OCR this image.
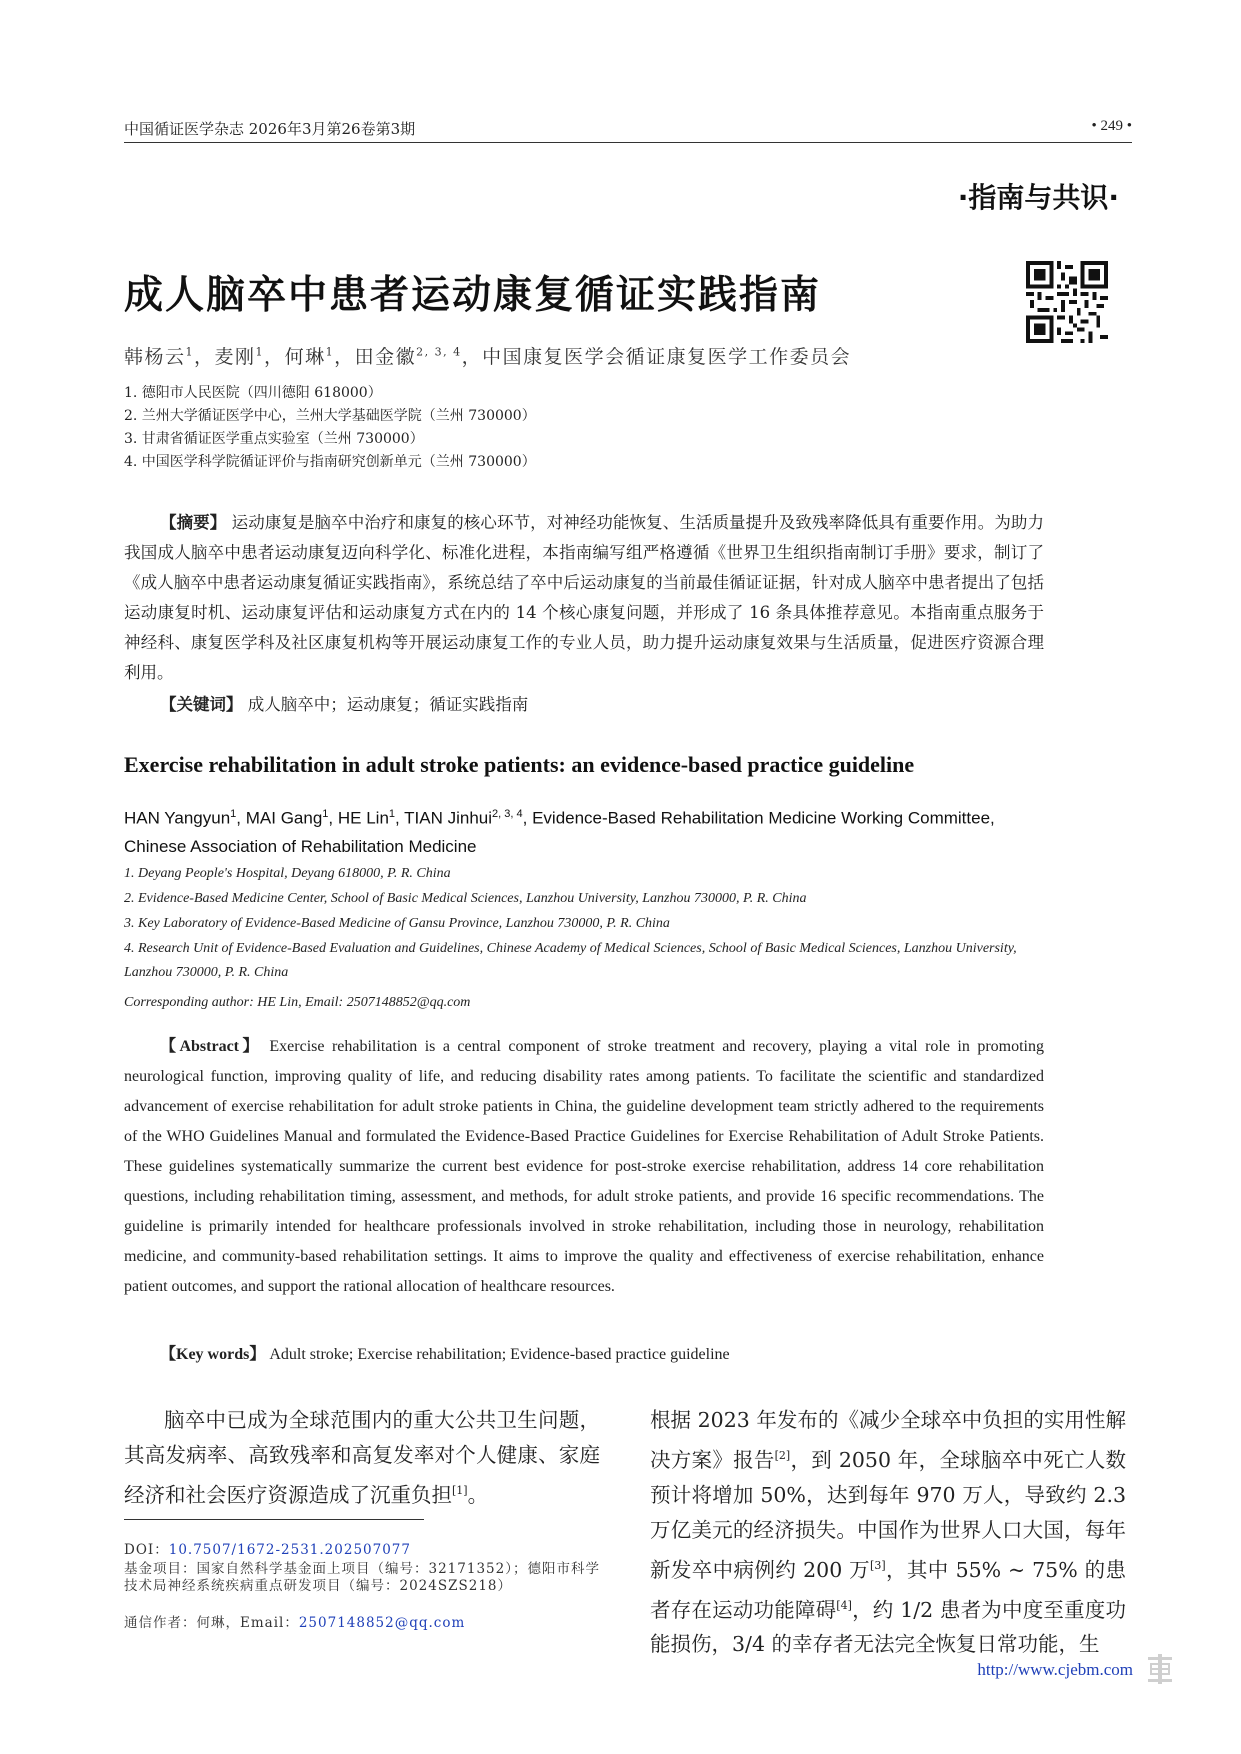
中国循证医学杂志 2026年3月第26卷第3期	• 249 •
·指南与共识·
成人脑卒中患者运动康复循证实践指南
韩杨云$^1$，麦刚$^1$，何琳$^1$，田金徽$^{2, 3, 4}$，中国康复医学会循证康复医学工作委员会
1. 德阳市人民医院（四川德阳 618000）
2. 兰州大学循证医学中心，兰州大学基础医学院（兰州 730000）
3. 甘肃省循证医学重点实验室（兰州 730000）
4. 中国医学科学院循证评价与指南研究创新单元（兰州 730000）

【摘要】 运动康复是脑卒中治疗和康复的核心环节，对神经功能恢复、生活质量提升及致残率降低具有重要作用。为助力我国成人脑卒中患者运动康复迈向科学化、标准化进程，本指南编写组严格遵循《世界卫生组织指南制订手册》要求，制订了《成人脑卒中患者运动康复循证实践指南》，系统总结了卒中后运动康复的当前最佳循证证据，针对成人脑卒中患者提出了包括运动康复时机、运动康复评估和运动康复方式在内的 14 个核心康复问题，并形成了 16 条具体推荐意见。本指南重点服务于神经科、康复医学科及社区康复机构等开展运动康复工作的专业人员，助力提升运动康复效果与生活质量，促进医疗资源合理利用。

【关键词】 成人脑卒中；运动康复；循证实践指南
Exercise rehabilitation in adult stroke patients: an evidence-based practice guideline
HAN Yangyun$^1$, MAI Gang$^1$, HE Lin$^1$, TIAN Jinhui$^{2, 3, 4}$, Evidence-Based Rehabilitation Medicine Working Committee, Chinese Association of Rehabilitation Medicine
1. Deyang People's Hospital, Deyang 618000, P. R. China
2. Evidence-Based Medicine Center, School of Basic Medical Sciences, Lanzhou University, Lanzhou 730000, P. R. China
3. Key Laboratory of Evidence-Based Medicine of Gansu Province, Lanzhou 730000, P. R. China
4. Research Unit of Evidence-Based Evaluation and Guidelines, Chinese Academy of Medical Sciences, School of Basic Medical Sciences, Lanzhou University, Lanzhou 730000, P. R. China
Corresponding author: HE Lin, Email: 2507148852@qq.com

【Abstract】 Exercise rehabilitation is a central component of stroke treatment and recovery, playing a vital role in promoting neurological function, improving quality of life, and reducing disability rates among patients. To facilitate the scientific and standardized advancement of exercise rehabilitation for adult stroke patients in China, the guideline development team strictly adhered to the requirements of the WHO Guidelines Manual and formulated the Evidence-Based Practice Guidelines for Exercise Rehabilitation of Adult Stroke Patients. These guidelines systematically summarize the current best evidence for post-stroke exercise rehabilitation, address 14 core rehabilitation questions, including rehabilitation timing, assessment, and methods, for adult stroke patients, and provide 16 specific recommendations. The guideline is primarily intended for healthcare professionals involved in stroke rehabilitation, including those in neurology, rehabilitation medicine, and community-based rehabilitation settings. It aims to improve the quality and effectiveness of exercise rehabilitation, enhance patient outcomes, and support the rational allocation of healthcare resources.

【Key words】 Adult stroke; Exercise rehabilitation; Evidence-based practice guideline
脑卒中已成为全球范围内的重大公共卫生问题，其高发病率、高致残率和高复发率对个人健康、家庭经济和社会医疗资源造成了沉重负担[1]。
根据 2023 年发布的《减少全球卒中负担的实用性解决方案》报告[2]，到 2050 年，全球脑卒中死亡人数预计将增加 50%，达到每年 970 万人，导致约 2.3 万亿美元的经济损失。中国作为世界人口大国，每年新发卒中病例约 200 万[3]，其中 55% ~ 75% 的患者存在运动功能障碍[4]，约 1/2 患者为中度至重度功能损伤，3/4 的幸存者无法完全恢复日常功能，生
DOI：10.7507/1672-2531.202507077
基金项目：国家自然科学基金面上项目（编号：32171352）；德阳市科学技术局神经系统疾病重点研发项目（编号：2024SZS218）
通信作者：何琳，Email：2507148852@qq.com
http://www.cjebm.com
